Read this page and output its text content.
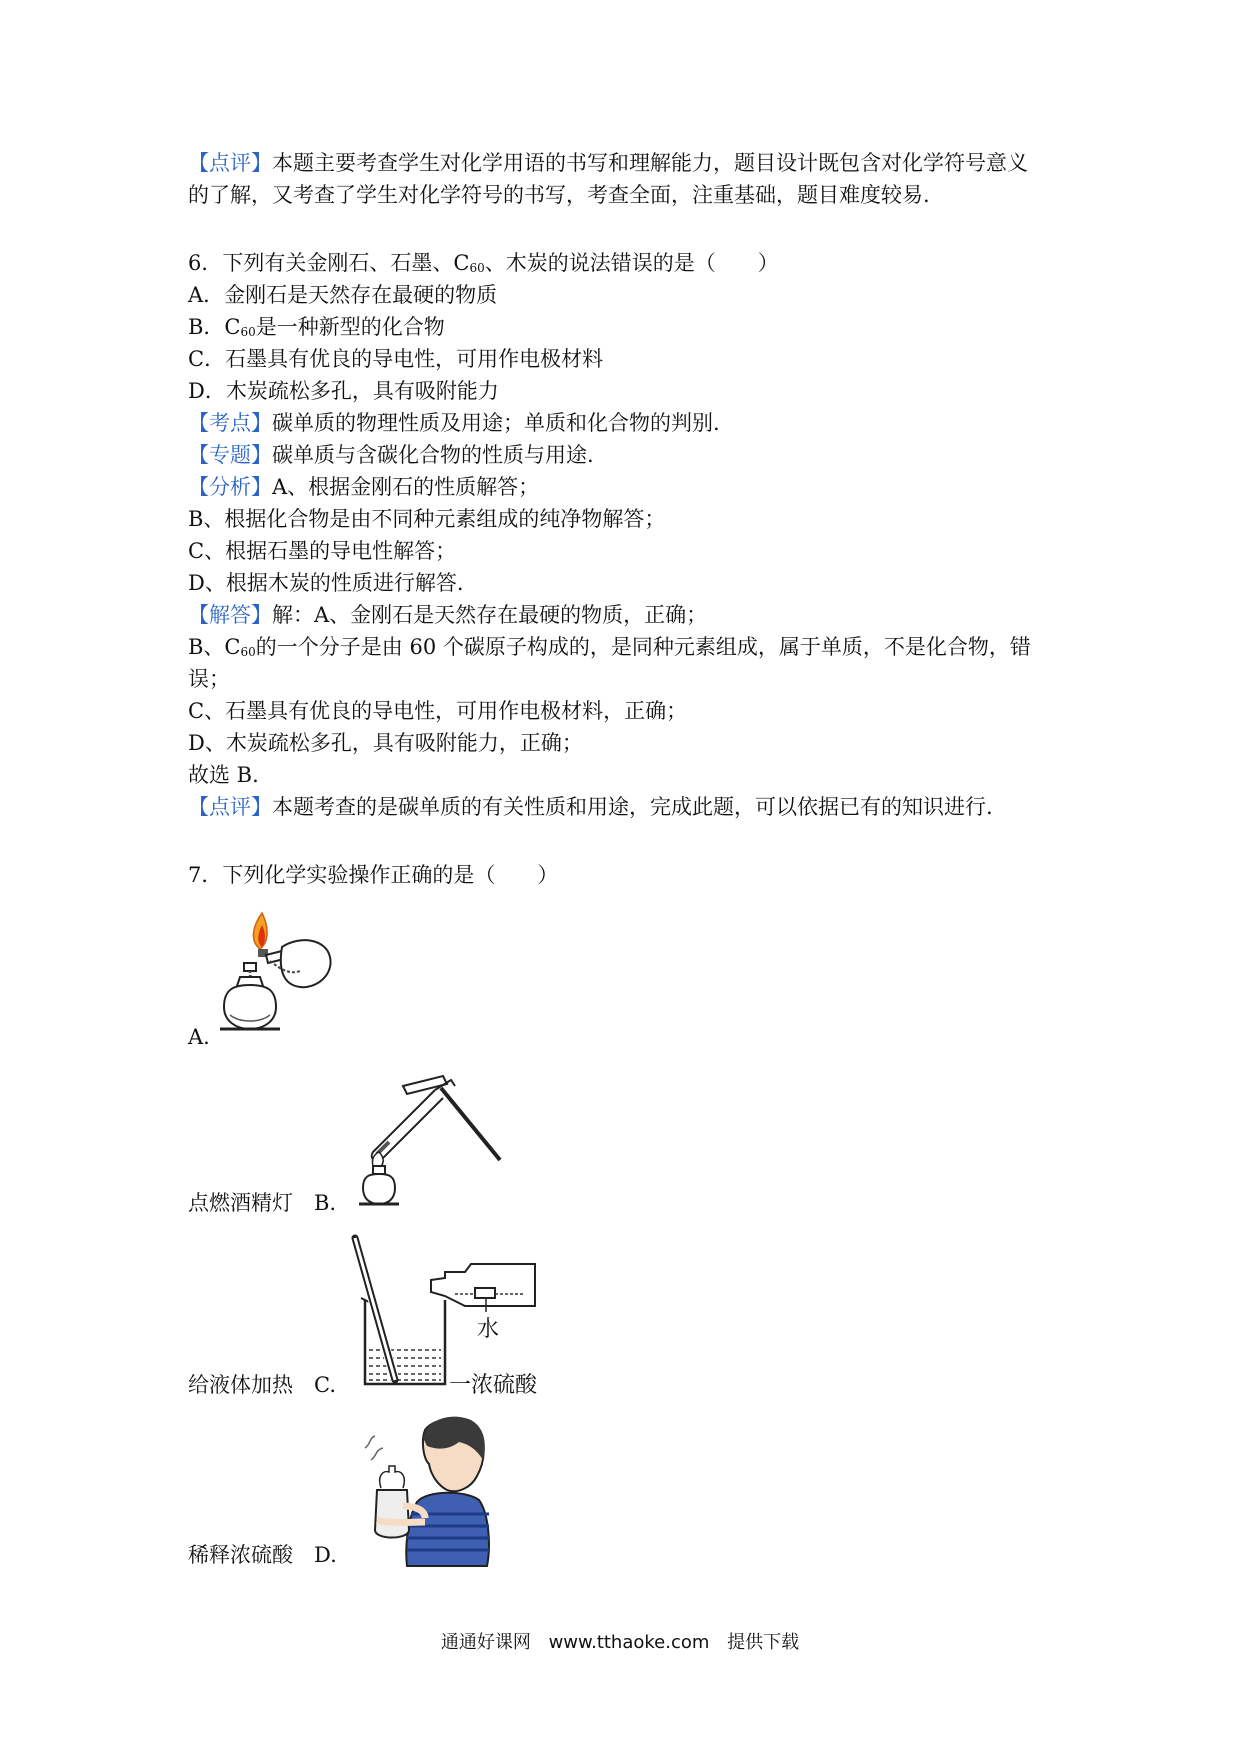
【点评】本题主要考查学生对化学用语的书写和理解能力，题目设计既包含对化学符号意义
的了解，又考查了学生对化学符号的书写，考查全面，注重基础，题目难度较易.
6．下列有关金刚石、石墨、$C_{60}$、木炭的说法错误的是（　　）
A．金刚石是天然存在最硬的物质
B．$C_{60}$是一种新型的化合物
C．石墨具有优良的导电性，可用作电极材料
D．木炭疏松多孔，具有吸附能力
【考点】碳单质的物理性质及用途；单质和化合物的判别.
【专题】碳单质与含碳化合物的性质与用途.
【分析】A、根据金刚石的性质解答；
B、根据化合物是由不同种元素组成的纯净物解答；
C、根据石墨的导电性解答；
D、根据木炭的性质进行解答.
【解答】解：A、金刚石是天然存在最硬的物质，正确；
B、$C_{60}$的一个分子是由 60 个碳原子构成的，是同种元素组成，属于单质，不是化合物，错
误；
C、石墨具有优良的导电性，可用作电极材料，正确；
D、木炭疏松多孔，具有吸附能力，正确；
故选 B.
【点评】本题考查的是碳单质的有关性质和用途，完成此题，可以依据已有的知识进行.
7．下列化学实验操作正确的是（　　）
A.
点燃酒精灯　 B.
水
一浓硫酸
给液体加热　 C.
稀释浓硫酸　 D.
通通好课网 www.tthaoke.com 提供下载
